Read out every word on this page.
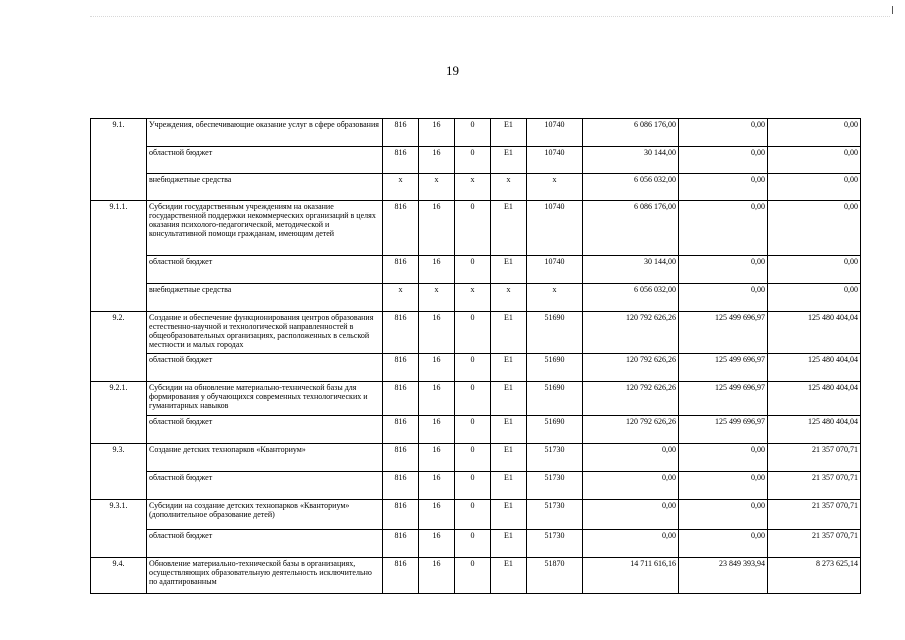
19
9.1.	Учреждения, обеспечивающие оказание услуг в сфере образования	816	16	0	Е1	10740	6 086 176,00	0,00	0,00
	областной бюджет	816	16	0	Е1	10740	30 144,00	0,00	0,00
	внебюджетные средства	х	х	х	х	х	6 056 032,00	0,00	0,00
9.1.1.	Субсидии государственным учреждениям на оказание государственной поддержки некоммерческих организаций в целях оказания психолого-педагогической, методической и консультативной помощи гражданам, имеющим детей	816	16	0	Е1	10740	6 086 176,00	0,00	0,00
	областной бюджет	816	16	0	Е1	10740	30 144,00	0,00	0,00
	внебюджетные средства	х	х	х	х	х	6 056 032,00	0,00	0,00
9.2.	Создание и обеспечение функционирования центров образования естественно-научной и технологической направленностей в общеобразовательных организациях, расположенных в сельской местности и малых городах	816	16	0	Е1	51690	120 792 626,26	125 499 696,97	125 480 404,04
	областной бюджет	816	16	0	Е1	51690	120 792 626,26	125 499 696,97	125 480 404,04
9.2.1.	Субсидии на обновление материально-технической базы для формирования у обучающихся современных технологических и гуманитарных навыков	816	16	0	Е1	51690	120 792 626,26	125 499 696,97	125 480 404,04
	областной бюджет	816	16	0	Е1	51690	120 792 626,26	125 499 696,97	125 480 404,04
9.3.	Создание детских технопарков «Кванториум»	816	16	0	Е1	51730	0,00	0,00	21 357 070,71
	областной бюджет	816	16	0	Е1	51730	0,00	0,00	21 357 070,71
9.3.1.	Субсидии на создание детских технопарков «Кванториум» (дополнительное образование детей)	816	16	0	Е1	51730	0,00	0,00	21 357 070,71
	областной бюджет	816	16	0	Е1	51730	0,00	0,00	21 357 070,71
9.4.	Обновление материально-технической базы в организациях, осуществляющих образовательную деятельность исключительно по адаптированным	816	16	0	Е1	51870	14 711 616,16	23 849 393,94	8 273 625,14
